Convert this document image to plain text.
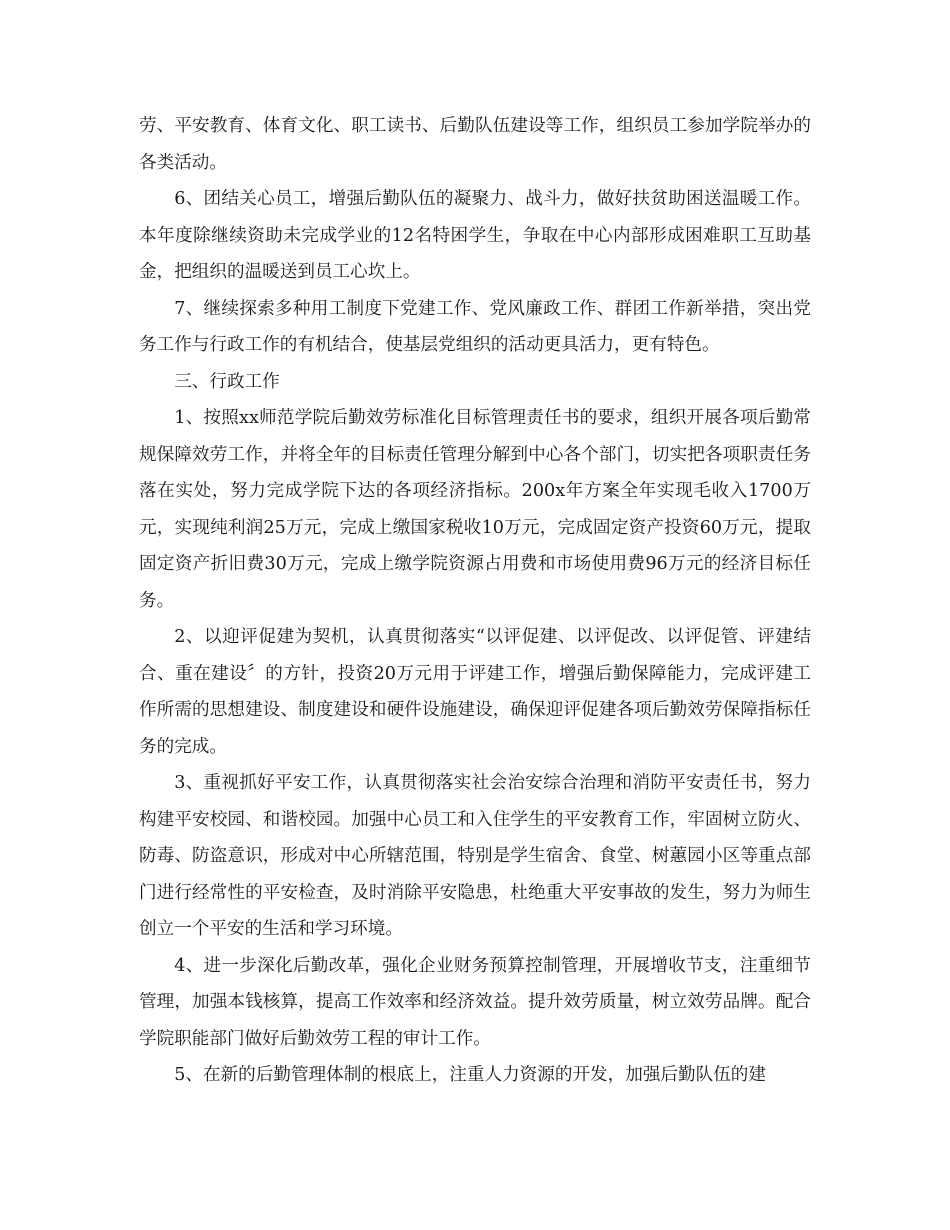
劳、平安教育、体育文化、职工读书、后勤队伍建设等工作，组织员工参加学院举办的各类活动。

6、团结关心员工，增强后勤队伍的凝聚力、战斗力，做好扶贫助困送温暖工作。本年度除继续资助未完成学业的12名特困学生，争取在中心内部形成困难职工互助基金，把组织的温暖送到员工心坎上。

7、继续探索多种用工制度下党建工作、党风廉政工作、群团工作新举措，突出党务工作与行政工作的有机结合，使基层党组织的活动更具活力，更有特色。

三、行政工作

1、按照xx师范学院后勤效劳标准化目标管理责任书的要求，组织开展各项后勤常规保障效劳工作，并将全年的目标责任管理分解到中心各个部门，切实把各项职责任务落在实处，努力完成学院下达的各项经济指标。200x年方案全年实现毛收入1700万元，实现纯利润25万元，完成上缴国家税收10万元，完成固定资产投资60万元，提取固定资产折旧费30万元，完成上缴学院资源占用费和市场使用费96万元的经济目标任务。

2、以迎评促建为契机，认真贯彻落实“以评促建、以评促改、以评促管、评建结合、重在建设〞的方针，投资20万元用于评建工作，增强后勤保障能力，完成评建工作所需的思想建设、制度建设和硬件设施建设，确保迎评促建各项后勤效劳保障指标任务的完成。

3、重视抓好平安工作，认真贯彻落实社会治安综合治理和消防平安责任书，努力构建平安校园、和谐校园。加强中心员工和入住学生的平安教育工作，牢固树立防火、防毒、防盗意识，形成对中心所辖范围，特别是学生宿舍、食堂、树蕙园小区等重点部门进行经常性的平安检查，及时消除平安隐患，杜绝重大平安事故的发生，努力为师生创立一个平安的生活和学习环境。

4、进一步深化后勤改革，强化企业财务预算控制管理，开展增收节支，注重细节管理，加强本钱核算，提高工作效率和经济效益。提升效劳质量，树立效劳品牌。配合学院职能部门做好后勤效劳工程的审计工作。

5、在新的后勤管理体制的根底上，注重人力资源的开发，加强后勤队伍的建
